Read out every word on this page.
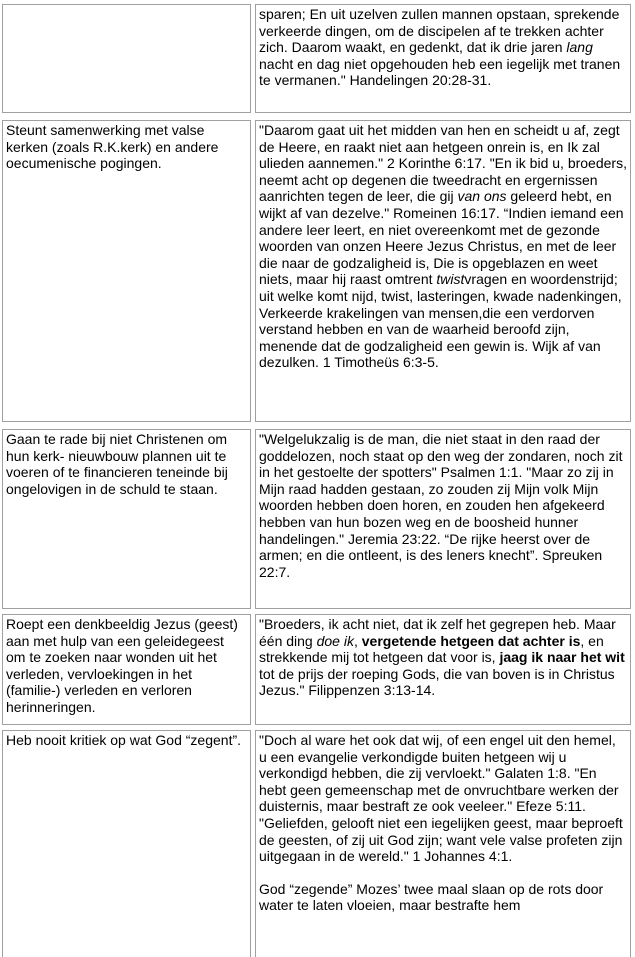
sparen; En uit uzelven zullen mannen opstaan, sprekende verkeerde dingen, om de discipelen af te trekken achter zich. Daarom waakt, en gedenkt, dat ik drie jaren lang nacht en dag niet opgehouden heb een iegelijk met tranen te vermanen." Handelingen 20:28-31.

Steunt samenwerking met valse kerken (zoals R.K.kerk) en andere oecumenische pogingen.

"Daarom gaat uit het midden van hen en scheidt u af, zegt de Heere, en raakt niet aan hetgeen onrein is, en Ik zal ulieden aannemen." 2 Korinthe 6:17. "En ik bid u, broeders, neemt acht op degenen die tweedracht en ergernissen aanrichten tegen de leer, die gij van ons geleerd hebt, en wijkt af van dezelve." Romeinen 16:17. “Indien iemand een andere leer leert, en niet overeenkomt met de gezonde woorden van onzen Heere Jezus Christus, en met de leer die naar de godzaligheid is, Die is opgeblazen en weet niets, maar hij raast omtrent twistvragen en woordenstrijd; uit welke komt nijd, twist, lasteringen, kwade nadenkingen, Verkeerde krakelingen van mensen,die een verdorven verstand hebben en van de waarheid beroofd zijn, menende dat de godzaligheid een gewin is. Wijk af van dezulken. 1 Timotheüs 6:3-5.

Gaan te rade bij niet Christenen om hun kerk- nieuwbouw plannen uit te voeren of te financieren teneinde bij ongelovigen in de schuld te staan.

"Welgelukzalig is de man, die niet staat in den raad der goddelozen, noch staat op den weg der zondaren, noch zit in het gestoelte der spotters" Psalmen 1:1. "Maar zo zij in Mijn raad hadden gestaan, zo zouden zij Mijn volk Mijn woorden hebben doen horen, en zouden hen afgekeerd hebben van hun bozen weg en de boosheid hunner handelingen." Jeremia 23:22. “De rijke heerst over de armen; en die ontleent, is des leners knecht”. Spreuken 22:7.

Roept een denkbeeldig Jezus (geest) aan met hulp van een geleidegeest om te zoeken naar wonden uit het verleden, vervloekingen in het (familie-) verleden en verloren herinneringen.

"Broeders, ik acht niet, dat ik zelf het gegrepen heb. Maar één ding doe ik, vergetende hetgeen dat achter is, en strekkende mij tot hetgeen dat voor is, jaag ik naar het wit tot de prijs der roeping Gods, die van boven is in Christus Jezus." Filippenzen 3:13-14.

Heb nooit kritiek op wat God “zegent”.	"Doch al ware het ook dat wij, of een engel uit den hemel, u een evangelie verkondigde buiten hetgeen wij u verkondigd hebben, die zij vervloekt." Galaten 1:8. "En hebt geen gemeenschap met de onvruchtbare werken der duisternis, maar bestraft ze ook veeleer." Efeze 5:11. "Geliefden, gelooft niet een iegelijken geest, maar beproeft de geesten, of zij uit God zijn; want vele valse profeten zijn uitgegaan in de wereld." 1 Johannes 4:1.

God “zegende” Mozes’ twee maal slaan op de rots door water te laten vloeien, maar bestrafte hem
